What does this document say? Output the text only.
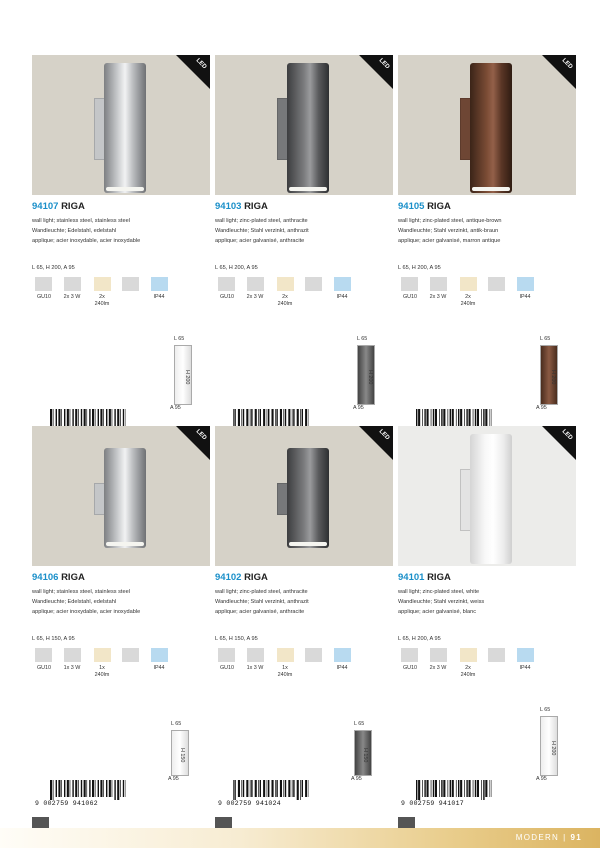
LED
94107 RIGA
wall light; stainless steel, stainless steel
Wandleuchte; Edelstahl, edelstahl
applique; acier inoxydable, acier inoxydable
L 65, H 200, A 95
GU10	2x 3 W	2x
240lm
IP44
L 65
H 200
A 95
LED
94103 RIGA
wall light; zinc-plated steel, anthracite
Wandleuchte; Stahl verzinkt, anthrazit
applique; acier galvanisé, anthracite
L 65, H 200, A 95
GU10	2x 3 W	2x
240lm
IP44
L 65
H 200
A 95
LED
94105 RIGA
wall light; zinc-plated steel, antique-brown
Wandleuchte; Stahl verzinkt, antik-braun
applique; acier galvanisé, marron antique
L 65, H 200, A 95
GU10	2x 3 W	2x
240lm
IP44
L 65
H 200
A 95
LED
94106 RIGA
wall light; stainless steel, stainless steel
Wandleuchte; Edelstahl, edelstahl
applique; acier inoxydable, acier inoxydable
L 65, H 150, A 95
GU10	1x 3 W	1x
240lm
IP44
9 002759 941062
L 65
H 150
A 95
LED
94102 RIGA
wall light; zinc-plated steel, anthracite
Wandleuchte; Stahl verzinkt, anthrazit
applique; acier galvanisé, anthracite
L 65, H 150, A 95
GU10	1x 3 W	1x
240lm
IP44
9 002759 941024
L 65
H 150
A 95
LED
94101 RIGA
wall light; zinc-plated steel, white
Wandleuchte; Stahl verzinkt, weiss
applique; acier galvanisé, blanc
L 65, H 200, A 95
GU10	2x 3 W	2x
240lm
IP44
9 002759 941017
L 65
H 200
A 95
MODERN | 91
